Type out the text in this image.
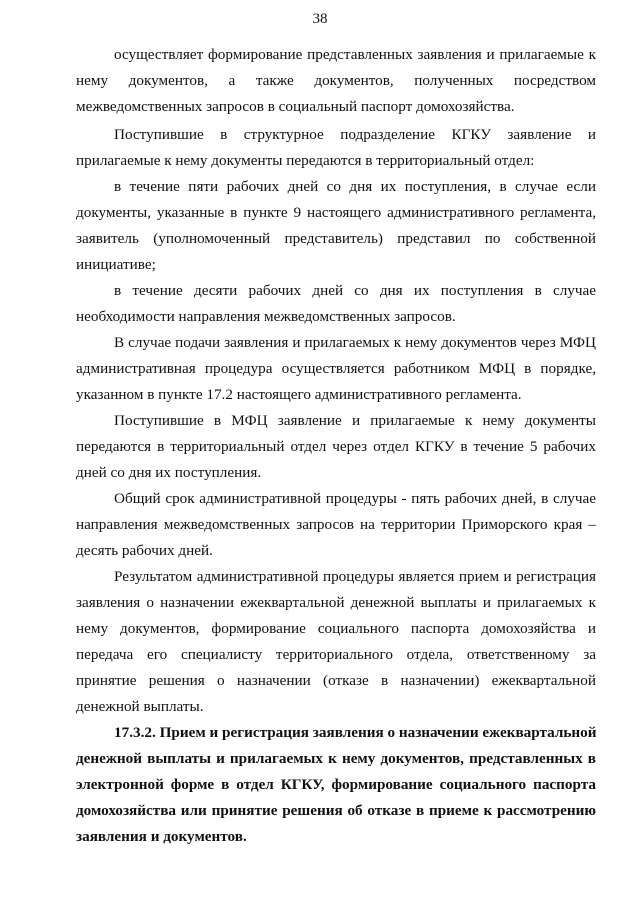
38
осуществляет формирование представленных заявления и прилагаемые к
нему документов, а также документов, полученных посредством
межведомственных запросов в социальный паспорт домохозяйства.
Поступившие в структурное подразделение КГКУ заявление и
прилагаемые к нему документы передаются в территориальный отдел:
в течение пяти рабочих дней со дня их поступления, в случае если
документы, указанные в пункте 9 настоящего административного регламента,
заявитель (уполномоченный представитель) представил по собственной
инициативе;
в течение десяти рабочих дней со дня их поступления в случае
необходимости направления межведомственных запросов.
В случае подачи заявления и прилагаемых к нему документов через МФЦ
административная процедура осуществляется работником МФЦ в порядке,
указанном в пункте 17.2 настоящего административного регламента.
Поступившие в МФЦ заявление и прилагаемые к нему документы
передаются в территориальный отдел через отдел КГКУ в течение 5 рабочих
дней со дня их поступления.
Общий срок административной процедуры - пять рабочих дней, в случае
направления межведомственных запросов на территории Приморского края –
десять рабочих дней.
Результатом административной процедуры является прием и регистрация
заявления о назначении ежеквартальной денежной выплаты и прилагаемых к
нему документов, формирование социального паспорта домохозяйства и
передача его специалисту территориального отдела, ответственному за
принятие решения о назначении (отказе в назначении) ежеквартальной
денежной выплаты.
17.3.2. Прием и регистрация заявления о назначении ежеквартальной
денежной выплаты и прилагаемых к нему документов, представленных в
электронной форме в отдел КГКУ, формирование социального паспорта
домохозяйства или принятие решения об отказе в приеме к рассмотрению
заявления и документов.
